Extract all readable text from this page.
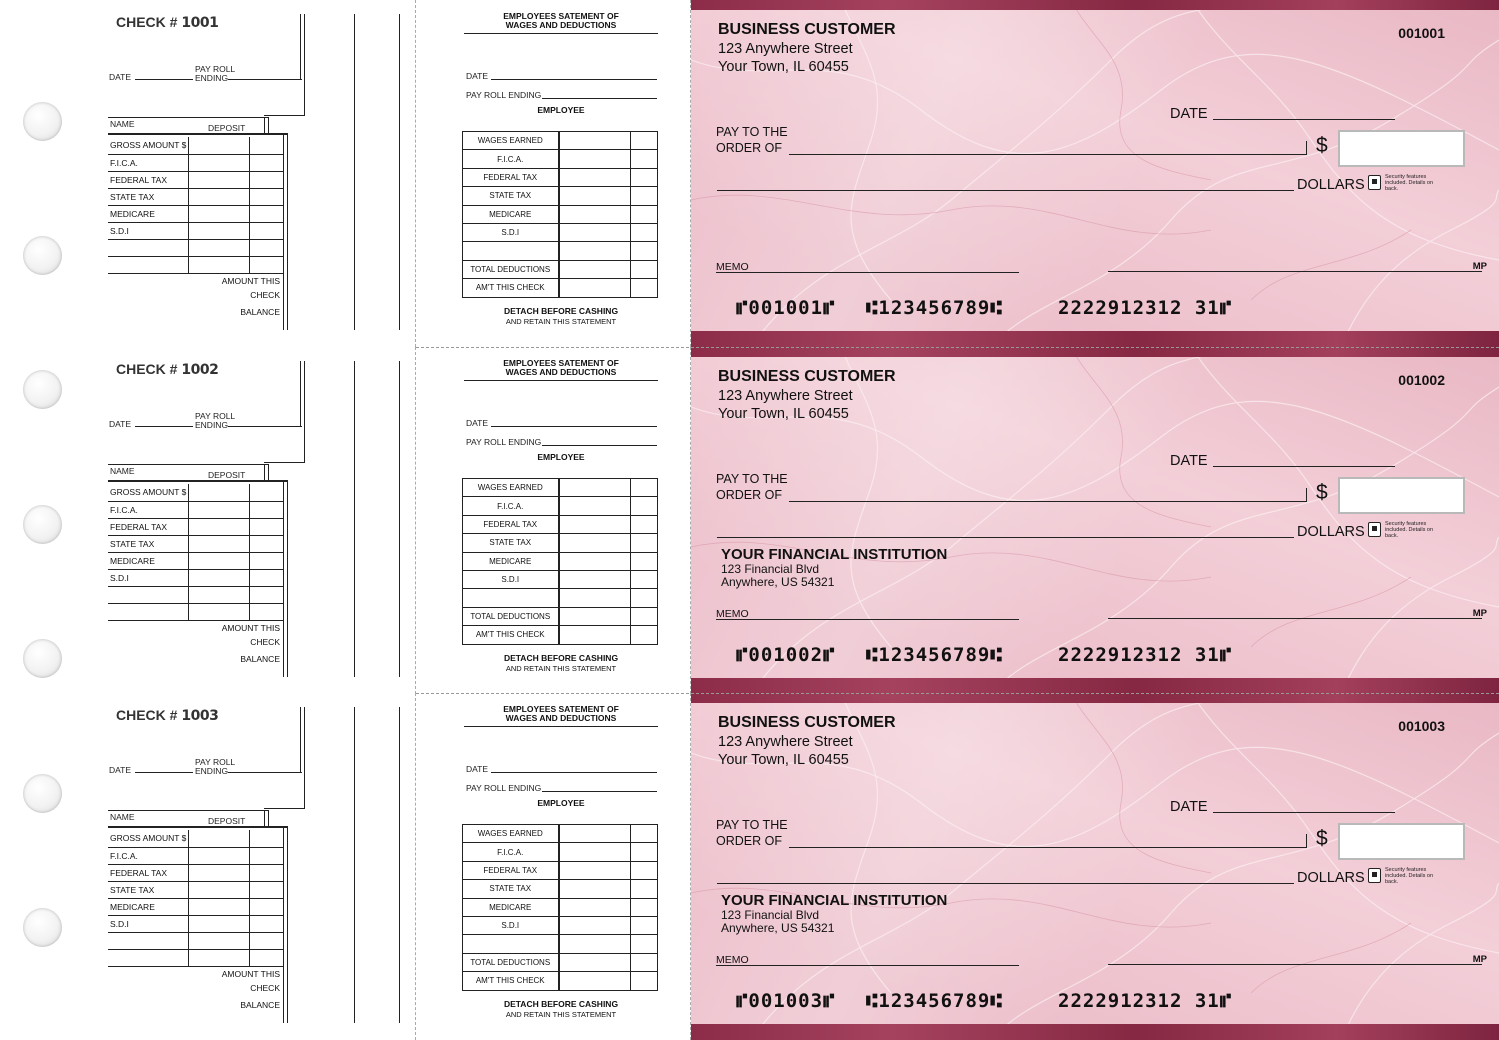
CHECK # 1001
DATE
PAY ROLL
ENDING
NAME	DEPOSIT
GROSS AMOUNT $		
F.I.C.A.		
FEDERAL TAX		
STATE TAX		
MEDICARE		
S.D.I		

AMOUNT THIS
CHECK
BALANCE
EMPLOYEES SATEMENT OF
WAGES AND DEDUCTIONS
DATE
PAY ROLL ENDING
EMPLOYEE
WAGES EARNED		
F.I.C.A.		
FEDERAL TAX		
STATE TAX		
MEDICARE		
S.D.I		

TOTAL DEDUCTIONS		
AM'T THIS CHECK		
DETACH BEFORE CASHING
AND RETAIN THIS STATEMENT
BUSINESS CUSTOMER
123 Anywhere Street
Your Town, IL 60455
001001
DATE
PAY TO THE
ORDER OF	$
DOLLARS	Security features included. Details on back.
MEMO	MP
⑈001001⑈ ⑆123456789⑆	2222912312 31⑈
CHECK # 1002
DATE
PAY ROLL
ENDING
NAME	DEPOSIT
GROSS AMOUNT $		
F.I.C.A.		
FEDERAL TAX		
STATE TAX		
MEDICARE		
S.D.I		

AMOUNT THIS
CHECK
BALANCE
EMPLOYEES SATEMENT OF
WAGES AND DEDUCTIONS
DATE
PAY ROLL ENDING
EMPLOYEE
WAGES EARNED		
F.I.C.A.		
FEDERAL TAX		
STATE TAX		
MEDICARE		
S.D.I		

TOTAL DEDUCTIONS		
AM'T THIS CHECK		
DETACH BEFORE CASHING
AND RETAIN THIS STATEMENT
BUSINESS CUSTOMER
123 Anywhere Street
Your Town, IL 60455
001002
DATE
PAY TO THE
ORDER OF	$
DOLLARS	Security features included. Details on back.
YOUR FINANCIAL INSTITUTION
123 Financial Blvd
Anywhere, US 54321
MEMO	MP
⑈001002⑈ ⑆123456789⑆	2222912312 31⑈
CHECK # 1003
DATE
PAY ROLL
ENDING
NAME	DEPOSIT
GROSS AMOUNT $		
F.I.C.A.		
FEDERAL TAX		
STATE TAX		
MEDICARE		
S.D.I		

AMOUNT THIS
CHECK
BALANCE
EMPLOYEES SATEMENT OF
WAGES AND DEDUCTIONS
DATE
PAY ROLL ENDING
EMPLOYEE
WAGES EARNED		
F.I.C.A.		
FEDERAL TAX		
STATE TAX		
MEDICARE		
S.D.I		

TOTAL DEDUCTIONS		
AM'T THIS CHECK		
DETACH BEFORE CASHING
AND RETAIN THIS STATEMENT
BUSINESS CUSTOMER
123 Anywhere Street
Your Town, IL 60455
001003
DATE
PAY TO THE
ORDER OF	$
DOLLARS	Security features included. Details on back.
YOUR FINANCIAL INSTITUTION
123 Financial Blvd
Anywhere, US 54321
MEMO	MP
⑈001003⑈ ⑆123456789⑆	2222912312 31⑈
